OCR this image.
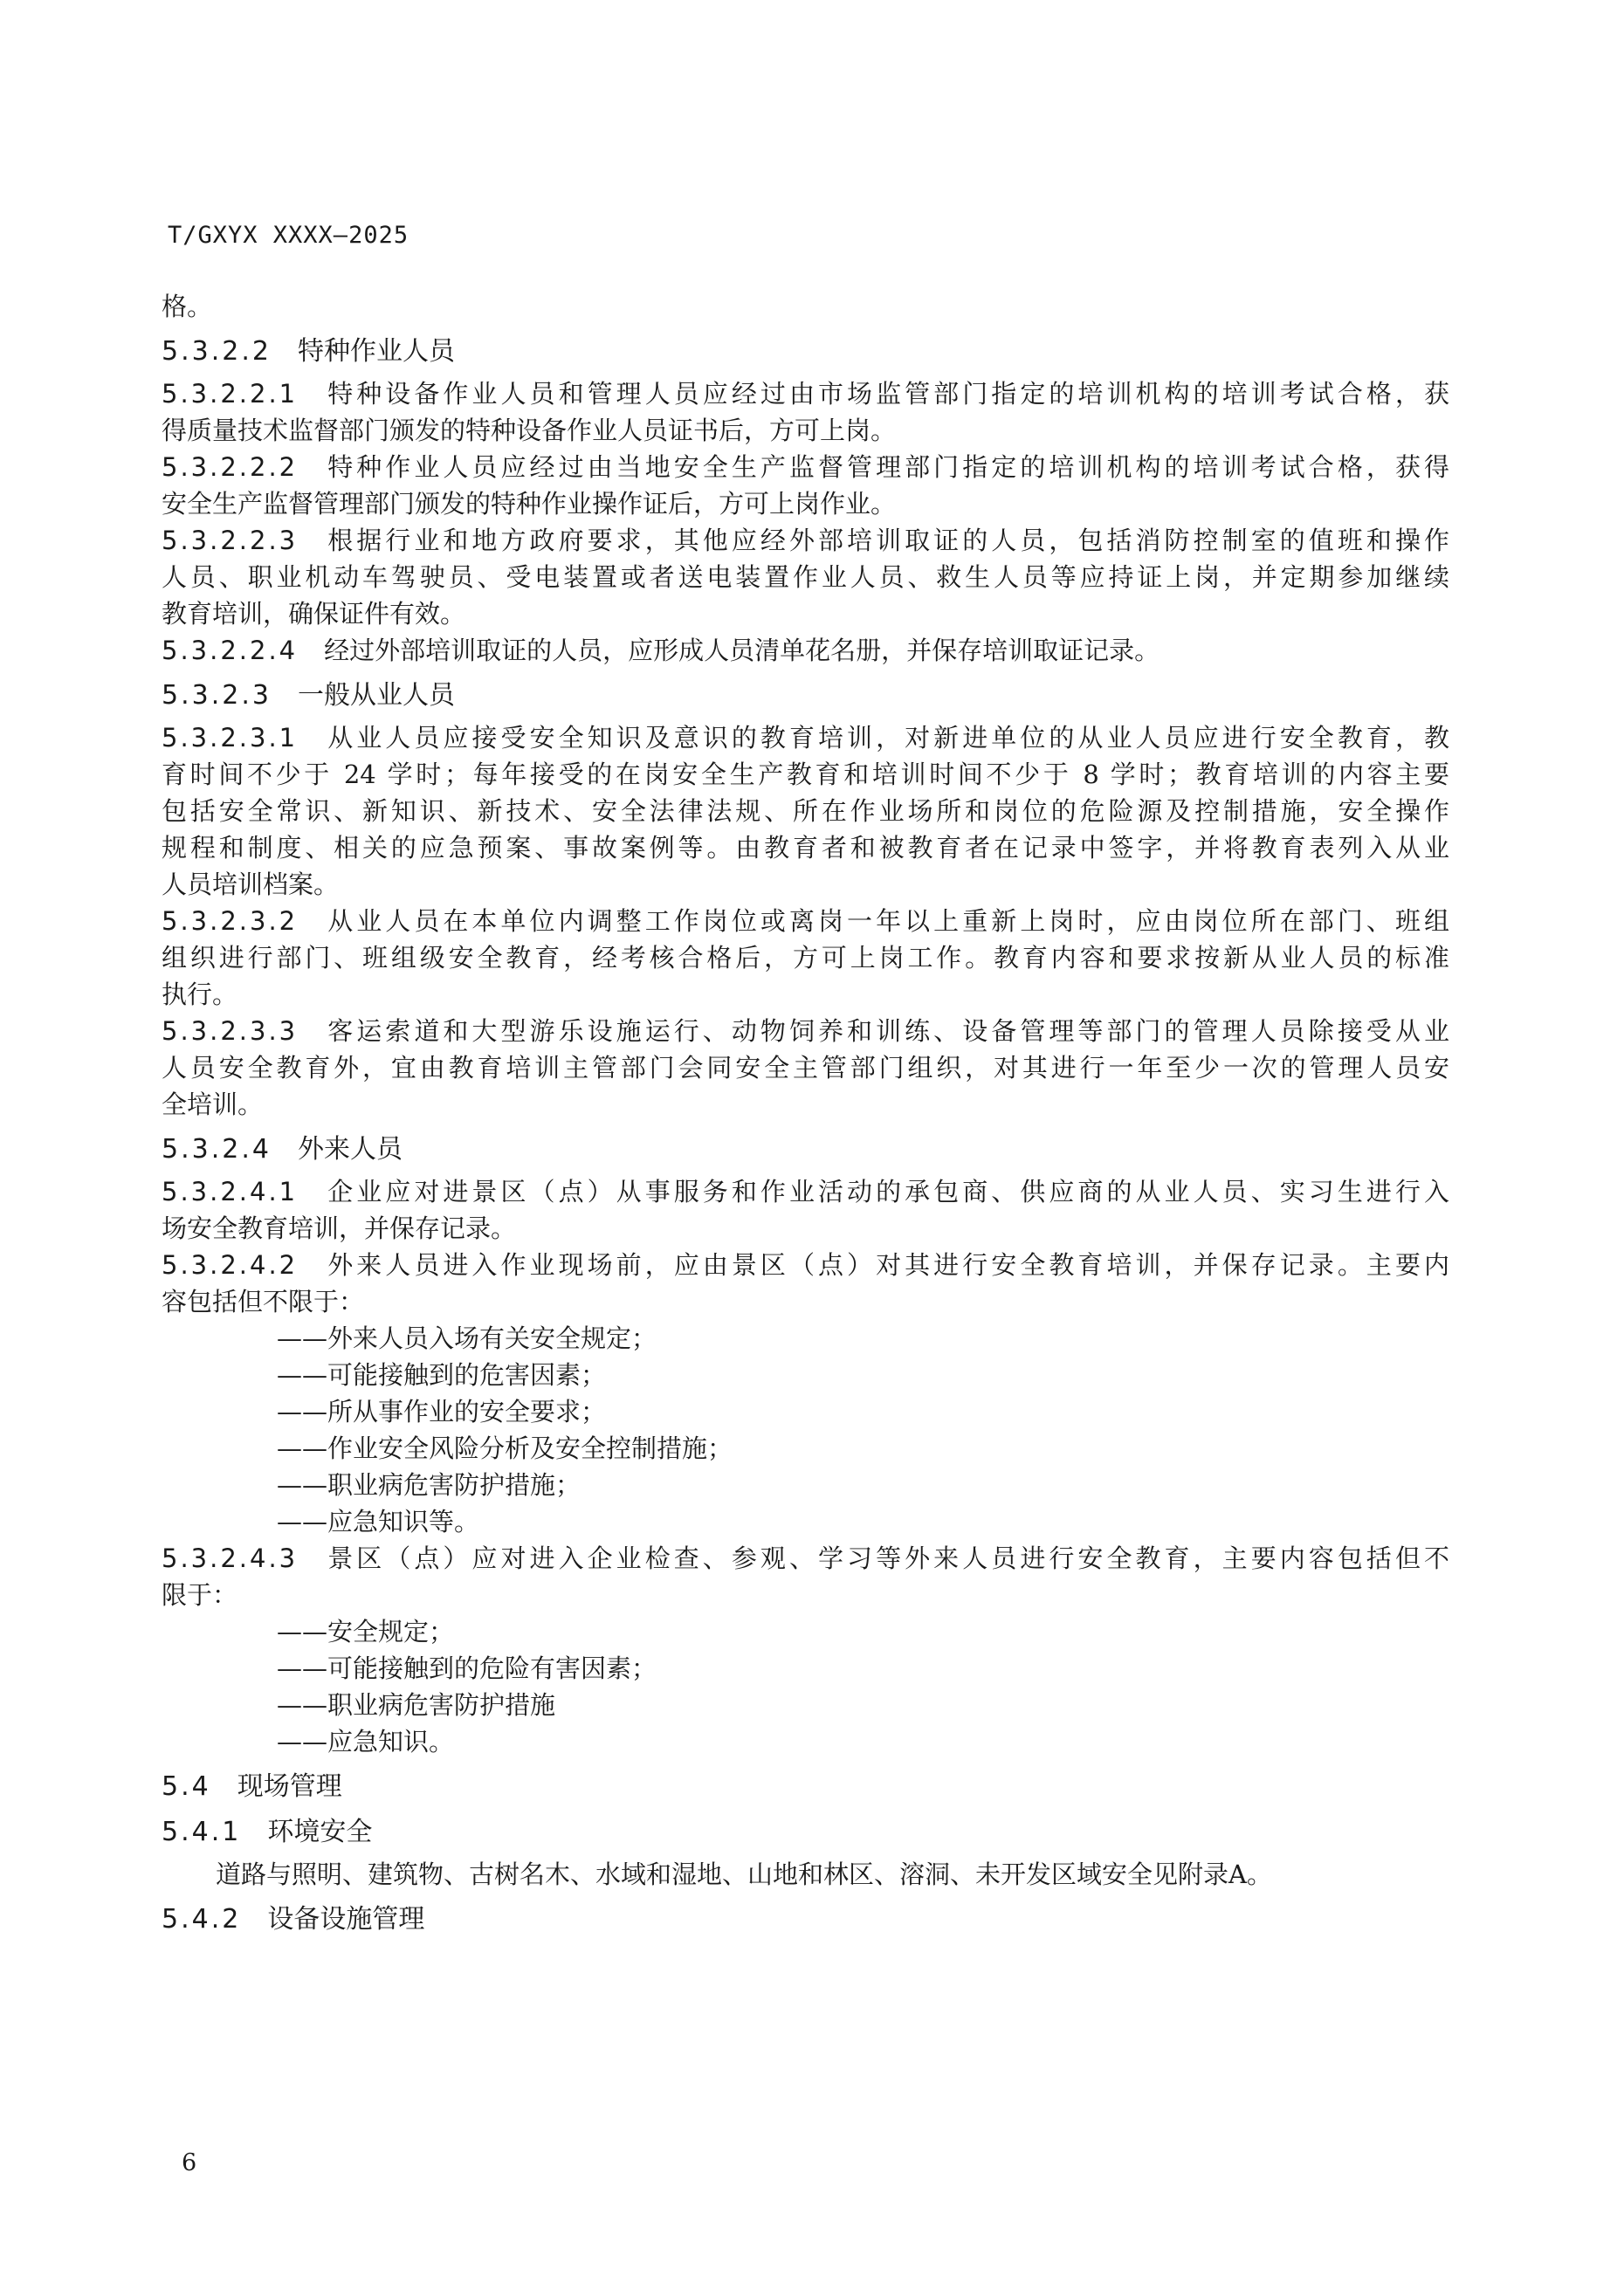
T/GXYX XXXX—2025
格。
5.3.2.2 特种作业人员
5.3.2.2.1 特种设备作业人员和管理人员应经过由市场监管部门指定的培训机构的培训考试合格，获
得质量技术监督部门颁发的特种设备作业人员证书后，方可上岗。
5.3.2.2.2 特种作业人员应经过由当地安全生产监督管理部门指定的培训机构的培训考试合格，获得
安全生产监督管理部门颁发的特种作业操作证后，方可上岗作业。
5.3.2.2.3 根据行业和地方政府要求，其他应经外部培训取证的人员，包括消防控制室的值班和操作
人员、职业机动车驾驶员、受电装置或者送电装置作业人员、救生人员等应持证上岗，并定期参加继续
教育培训，确保证件有效。
5.3.2.2.4 经过外部培训取证的人员，应形成人员清单花名册，并保存培训取证记录。
5.3.2.3 一般从业人员
5.3.2.3.1 从业人员应接受安全知识及意识的教育培训，对新进单位的从业人员应进行安全教育，教
育时间不少于 24 学时；每年接受的在岗安全生产教育和培训时间不少于 8 学时；教育培训的内容主要
包括安全常识、新知识、新技术、安全法律法规、所在作业场所和岗位的危险源及控制措施，安全操作
规程和制度、相关的应急预案、事故案例等。由教育者和被教育者在记录中签字，并将教育表列入从业
人员培训档案。
5.3.2.3.2 从业人员在本单位内调整工作岗位或离岗一年以上重新上岗时，应由岗位所在部门、班组
组织进行部门、班组级安全教育，经考核合格后，方可上岗工作。教育内容和要求按新从业人员的标准
执行。
5.3.2.3.3 客运索道和大型游乐设施运行、动物饲养和训练、设备管理等部门的管理人员除接受从业
人员安全教育外，宜由教育培训主管部门会同安全主管部门组织，对其进行一年至少一次的管理人员安
全培训。
5.3.2.4 外来人员
5.3.2.4.1 企业应对进景区（点）从事服务和作业活动的承包商、供应商的从业人员、实习生进行入
场安全教育培训，并保存记录。
5.3.2.4.2 外来人员进入作业现场前，应由景区（点）对其进行安全教育培训，并保存记录。主要内
容包括但不限于：
——外来人员入场有关安全规定；
——可能接触到的危害因素；
——所从事作业的安全要求；
——作业安全风险分析及安全控制措施；
——职业病危害防护措施；
——应急知识等。
5.3.2.4.3 景区（点）应对进入企业检查、参观、学习等外来人员进行安全教育，主要内容包括但不
限于：
——安全规定；
——可能接触到的危险有害因素；
——职业病危害防护措施
——应急知识。
5.4 现场管理
5.4.1 环境安全
道路与照明、建筑物、古树名木、水域和湿地、山地和林区、溶洞、未开发区域安全见附录A。
5.4.2 设备设施管理
6
